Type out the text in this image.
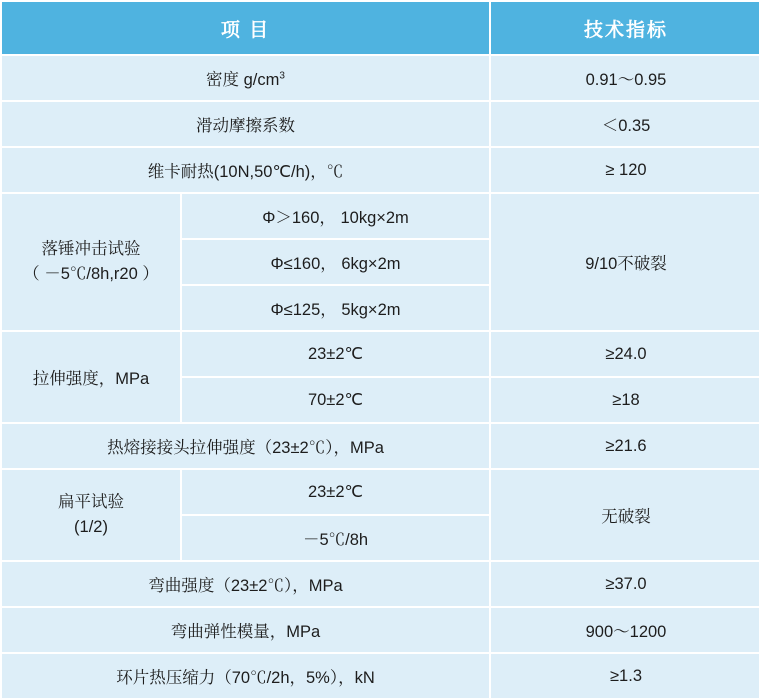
项 目		技术指标
密度 $g/cm^3$		0.91～0.95
滑动摩擦系数		＜0.35
维卡耐热(10N,50℃/h)，℃		≥ 120

落锤冲击试验
（ －5℃/8h,r20 ）	Φ＞160， 10kg×2m	9/10不破裂
	Φ≤160， 6kg×2m	
	Φ≤125， 5kg×2m	
拉伸强度，MPa	23±2℃	≥24.0
	70±2℃	≥18
热熔接接头拉伸强度（23±2℃），MPa		≥21.6

扁平试验
(1/2)	23±2℃	无破裂
	－5℃/8h	
弯曲强度（23±2℃），MPa		≥37.0
弯曲弹性模量，MPa		900～1200
环片热压缩力（70℃/2h，5%），kN		≥1.3
